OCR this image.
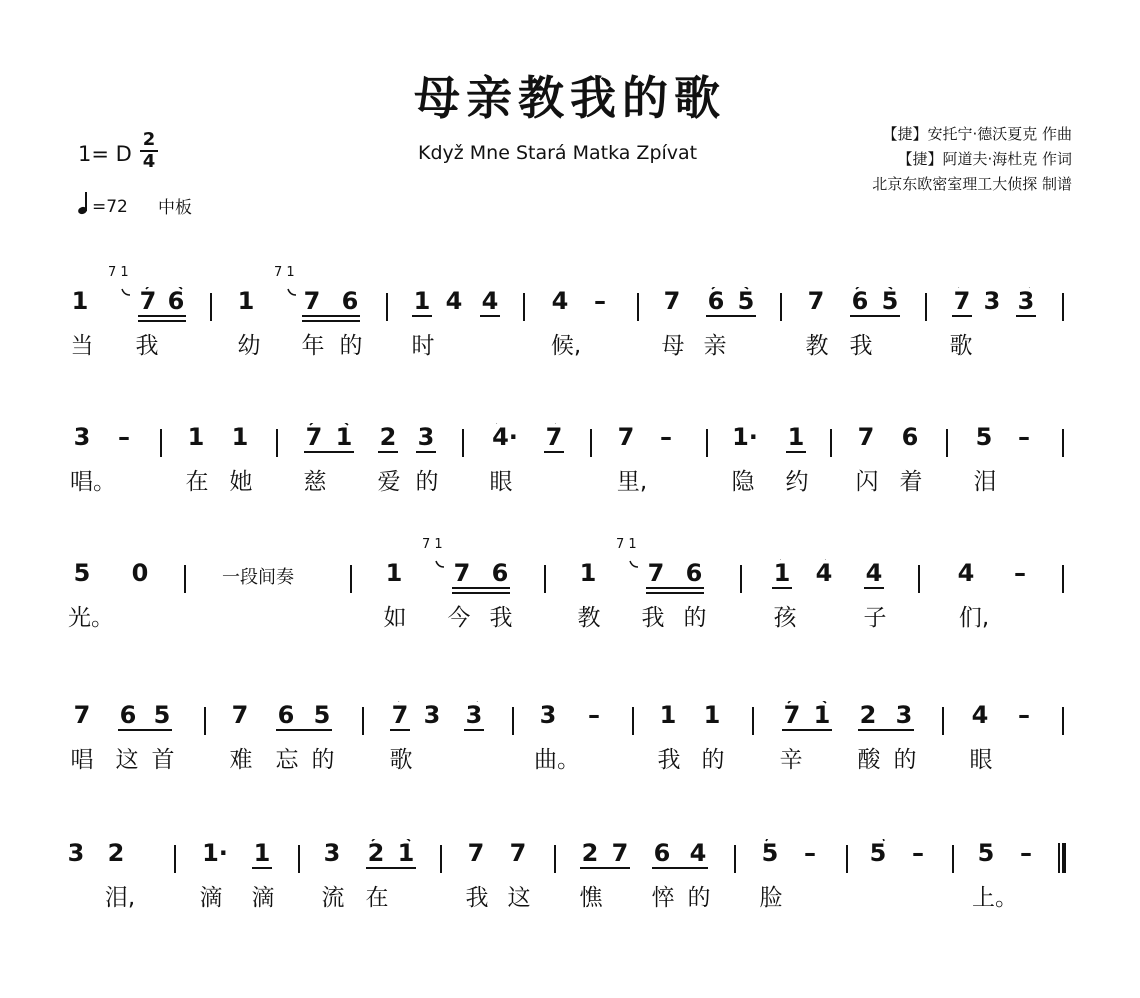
母亲教我的歌
Když Mne Stará Matka Zpívat
1= D $\frac{2}{4}$
=72 中板
【捷】安托宁·德沃夏克 作曲
【捷】阿道夫·海杜克 作词
北京东欧密室理工大侦探 制谱
1
7 1
7 6 1
7 1
7 6 1 4 4 4 – 7 6 5 7 6 5 7 3 3
当 我	幼 年 的 时	候,	母 亲	教 我	歌
3 – 1 1 7 1 2 3 4· 7 7 –	1· 1 7 6 5 –
唱。	在 她 慈 爱 的 眼	里,	隐 约 闪 着 泪
5 0	一段间奏	1
7 1
7 6	1
7 1
7 6	1 4 4	4 –
光。	如 今 我	教 我 的	孩	子	们,
7 6 5	7 6 5	7 3 3 3 – 1 1	7 1 2 3 4 –
唱 这 首 难 忘 的 歌	曲。	我 的 辛 酸 的 眼
3 2	1· 1 3 2 1 7 7 2 7 6 4 5 – 5 – 5 –
泪,	滴 滴 流 在	我 这 憔 悴 的 脸	上。
